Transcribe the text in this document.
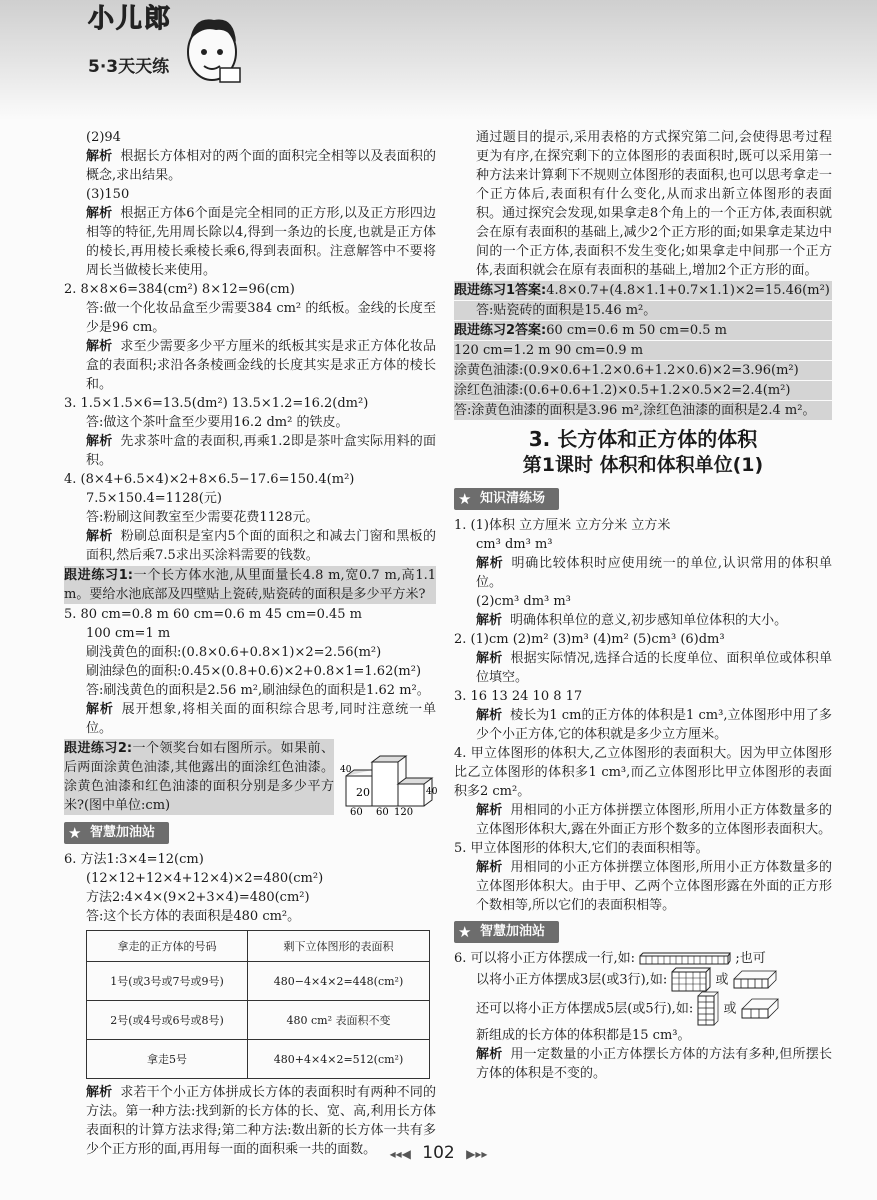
小儿郎
5·3天天练

(2)94

解析 根据长方体相对的两个面的面积完全相等以及表面积的概念,求出结果。

(3)150

解析 根据正方体6个面是完全相同的正方形,以及正方形四边相等的特征,先用周长除以4,得到一条边的长度,也就是正方体的棱长,再用棱长乘棱长乘6,得到表面积。注意解答中不要将周长当做棱长来使用。

2. 8×8×6=384(cm²) 8×12=96(cm)

答:做一个化妆品盒至少需要384 cm² 的纸板。金线的长度至少是96 cm。

解析 求至少需要多少平方厘米的纸板其实是求正方体化妆品盒的表面积;求沿各条棱画金线的长度其实是求正方体的棱长和。

3. 1.5×1.5×6=13.5(dm²) 13.5×1.2=16.2(dm²)

答:做这个茶叶盒至少要用16.2 dm² 的铁皮。

解析 先求茶叶盒的表面积,再乘1.2即是茶叶盒实际用料的面积。

4. (8×4+6.5×4)×2+8×6.5−17.6=150.4(m²)

7.5×150.4=1128(元)

答:粉刷这间教室至少需要花费1128元。

解析 粉刷总面积是室内5个面的面积之和减去门窗和黑板的面积,然后乘7.5求出买涂料需要的钱数。

跟进练习1:一个长方体水池,从里面量长4.8 m,宽0.7 m,高1.1 m。要给水池底部及四壁贴上瓷砖,贴瓷砖的面积是多少平方米?

5. 80 cm=0.8 m 60 cm=0.6 m 45 cm=0.45 m

100 cm=1 m

刷浅黄色的面积:(0.8×0.6+0.8×1)×2=2.56(m²)

刷油绿色的面积:0.45×(0.8+0.6)×2+0.8×1=1.62(m²)

答:刷浅黄色的面积是2.56 m²,刷油绿色的面积是1.62 m²。

解析 展开想象,将相关面的面积综合思考,同时注意统一单位。

跟进练习2:一个领奖台如右图所示。如果前、后两面涂黄色油漆,其他露出的面涂红色油漆。涂黄色油漆和红色油漆的面积分别是多少平方米?(图中单位:cm)

20	40
60 60 120
40
★ 智慧加油站

6. 方法1:3×4=12(cm)

(12×12+12×4+12×4)×2=480(cm²)

方法2:4×4×(9×2+3×4)=480(cm²)

答:这个长方体的表面积是480 cm²。

拿走的正方体的号码	剩下立体图形的表面积
1号(或3号或7号或9号)	480−4×4×2=448(cm²)
2号(或4号或6号或8号)	480 cm² 表面积不变
拿走5号	480+4×4×2=512(cm²)

解析 求若干个小正方体拼成长方体的表面积时有两种不同的方法。第一种方法:找到新的长方体的长、宽、高,利用长方体表面积的计算方法求得;第二种方法:数出新的长方体一共有多少个正方形的面,再用每一面的面积乘一共的面数。

通过题目的提示,采用表格的方式探究第二问,会使得思考过程更为有序,在探究剩下的立体图形的表面积时,既可以采用第一种方法来计算剩下不规则立体图形的表面积,也可以思考拿走一个正方体后,表面积有什么变化,从而求出新立体图形的表面积。通过探究会发现,如果拿走8个角上的一个正方体,表面积就会在原有表面积的基础上,减少2个正方形的面;如果拿走某边中间的一个正方体,表面积不发生变化;如果拿走中间那一个正方体,表面积就会在原有表面积的基础上,增加2个正方形的面。

跟进练习1答案:4.8×0.7+(4.8×1.1+0.7×1.1)×2=15.46(m²)

答:贴瓷砖的面积是15.46 m²。

跟进练习2答案:60 cm=0.6 m 50 cm=0.5 m

120 cm=1.2 m 90 cm=0.9 m

涂黄色油漆:(0.9×0.6+1.2×0.6+1.2×0.6)×2=3.96(m²)

涂红色油漆:(0.6+0.6+1.2)×0.5+1.2×0.5×2=2.4(m²)

答:涂黄色油漆的面积是3.96 m²,涂红色油漆的面积是2.4 m²。

3. 长方体和正方体的体积
第1课时 体积和体积单位(1)
★ 知识清练场

1. (1)体积 立方厘米 立方分米 立方米

cm³ dm³ m³

解析 明确比较体积时应使用统一的单位,认识常用的体积单位。

(2)cm³ dm³ m³

解析 明确体积单位的意义,初步感知单位体积的大小。

2. (1)cm (2)m² (3)m³ (4)m² (5)cm³ (6)dm³

解析 根据实际情况,选择合适的长度单位、面积单位或体积单位填空。

3. 16 13 24 10 8 17

解析 棱长为1 cm的正方体的体积是1 cm³,立体图形中用了多少个小正方体,它的体积就是多少立方厘米。

4. 甲立体图形的体积大,乙立体图形的表面积大。因为甲立体图形比乙立体图形的体积多1 cm³,而乙立体图形比甲立体图形的表面积多2 cm²。

解析 用相同的小正方体拼摆立体图形,所用小正方体数量多的立体图形体积大,露在外面正方形个数多的立体图形表面积大。

5. 甲立体图形的体积大,它们的表面积相等。

解析 用相同的小正方体拼摆立体图形,所用小正方体数量多的立体图形体积大。由于甲、乙两个立体图形露在外面的正方形个数相等,所以它们的表面积相等。

★ 智慧加油站

6. 可以将小正方体摆成一行,如:	;也可

以将小正方体摆成3层(或3行),如:	或

还可以将小正方体摆成5层(或5行),如: 或

新组成的长方体的体积都是15 cm³。

解析 用一定数量的小正方体摆长方体的方法有多种,但所摆长方体的体积是不变的。

◂◂◀ 102 ▶▸▸
